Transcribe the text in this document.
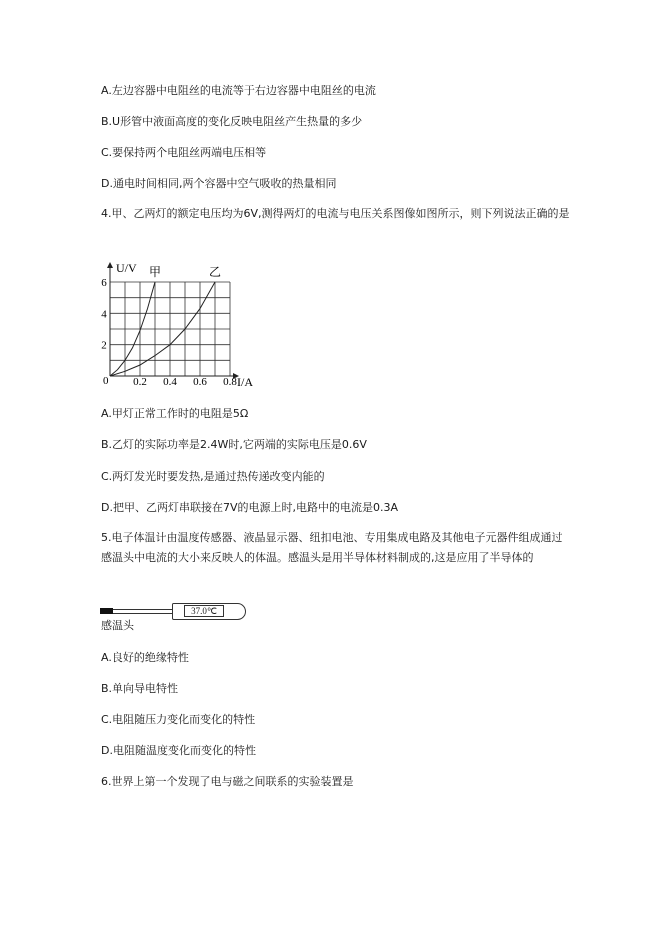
A.左边容器中电阻丝的电流等于右边容器中电阻丝的电流
B.U形管中液面高度的变化反映电阻丝产生热量的多少
C.要保持两个电阻丝两端电压相等
D.通电时间相同,两个容器中空气吸收的热量相同
4.甲、乙两灯的额定电压均为6V,测得两灯的电流与电压关系图像如图所示，则下列说法正确的是
0.2 0.4 0.6 0.8
2
4
6
甲	乙
U/V
I/A
0
A.甲灯正常工作时的电阻是5Ω
B.乙灯的实际功率是2.4W时,它两端的实际电压是0.6V
C.两灯发光时要发热,是通过热传递改变内能的
D.把甲、乙两灯串联接在7V的电源上时,电路中的电流是0.3A
5.电子体温计由温度传感器、液晶显示器、纽扣电池、专用集成电路及其他电子元器件组成通过感温头中电流的大小来反映人的体温。感温头是用半导体材料制成的,这是应用了半导体的
37.0℃
感温头
A.良好的绝缘特性
B.单向导电特性
C.电阻随压力变化而变化的特性
D.电阻随温度变化而变化的特性
6.世界上第一个发现了电与磁之间联系的实验装置是
